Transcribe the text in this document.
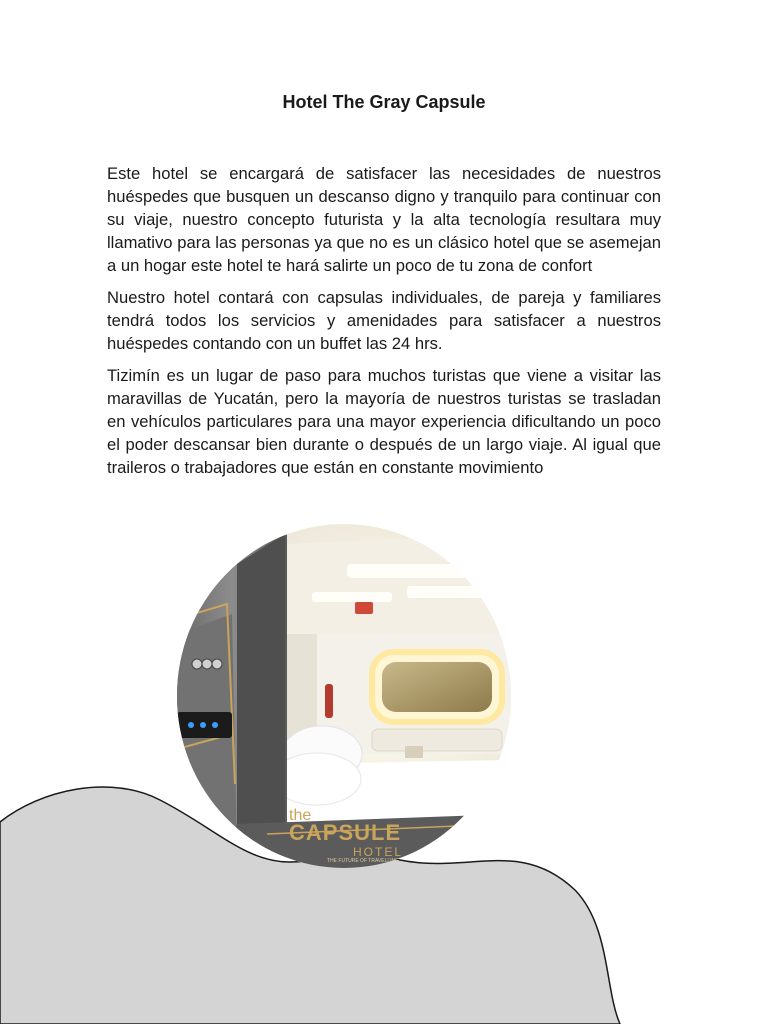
Hotel The Gray Capsule

Este hotel se encargará de satisfacer las necesidades de nuestros huéspedes que busquen un descanso digno y tranquilo para continuar con su viaje, nuestro concepto futurista y la alta tecnología resultara muy llamativo para las personas ya que no es un clásico hotel que se asemejan a un hogar este hotel te hará salirte un poco de tu zona de confort

Nuestro hotel contará con capsulas individuales, de pareja y familiares tendrá todos los servicios y amenidades para satisfacer a nuestros huéspedes contando con un buffet las 24 hrs.

Tizimín es un lugar de paso para muchos turistas que viene a visitar las maravillas de Yucatán, pero la mayoría de nuestros turistas se trasladan en vehículos particulares para una mayor experiencia dificultando un poco el poder descansar bien durante o después de un largo viaje. Al igual que traileros o trabajadores que están en constante movimiento

the
CAPSULE
HOTEL
THE FUTURE OF TRAVELLING
